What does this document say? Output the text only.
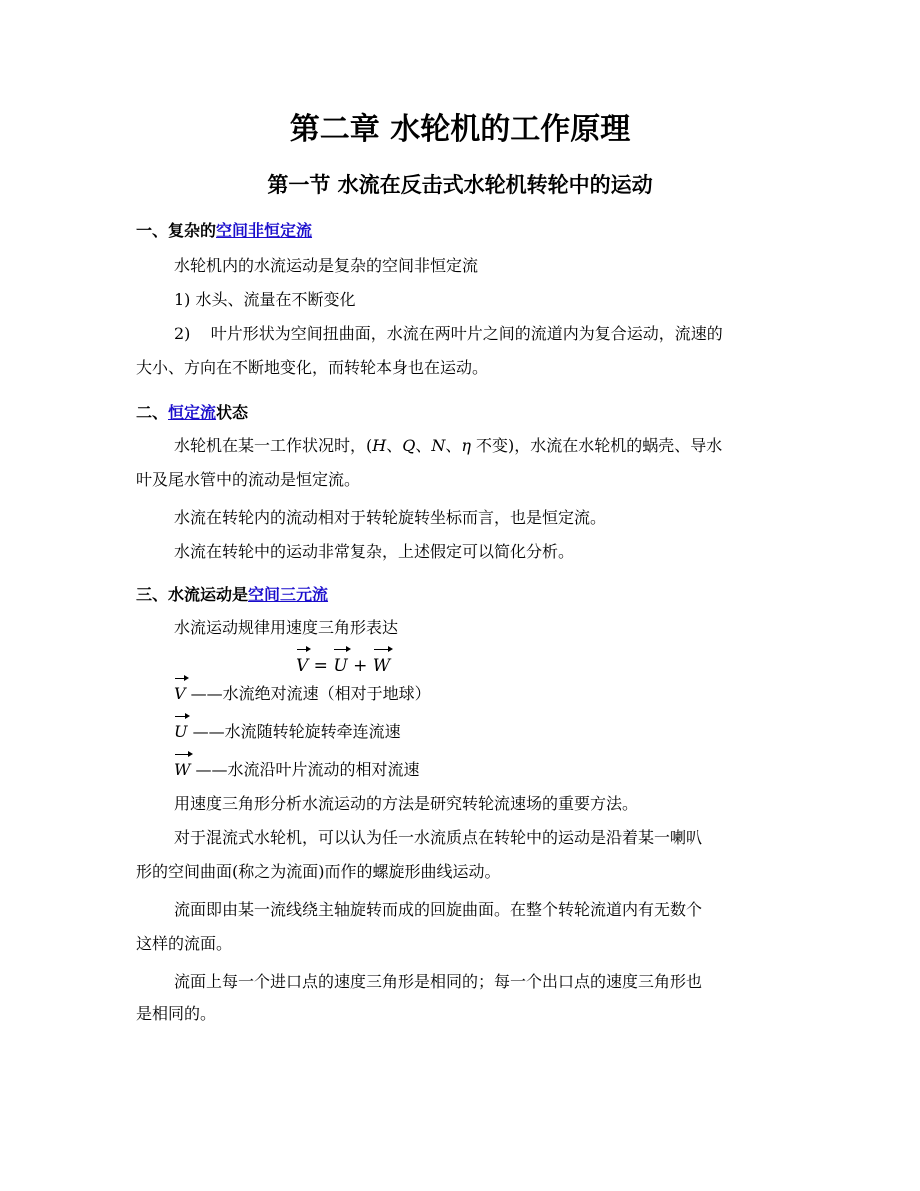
第二章 水轮机的工作原理
第一节 水流在反击式水轮机转轮中的运动
一、复杂的空间非恒定流
水轮机内的水流运动是复杂的空间非恒定流
1) 水头、流量在不断变化
2) 叶片形状为空间扭曲面，水流在两叶片之间的流道内为复合运动，流速的
大小、方向在不断地变化，而转轮本身也在运动。
二、恒定流状态
水轮机在某一工作状况时，(H、Q、N、η 不变)，水流在水轮机的蜗壳、导水
叶及尾水管中的流动是恒定流。
水流在转轮内的流动相对于转轮旋转坐标而言，也是恒定流。
水流在转轮中的运动非常复杂，上述假定可以简化分析。
三、水流运动是空间三元流
水流运动规律用速度三角形表达
V = U + W
V ——水流绝对流速（相对于地球）
U ——水流随转轮旋转牵连流速
W ——水流沿叶片流动的相对流速
用速度三角形分析水流运动的方法是研究转轮流速场的重要方法。
对于混流式水轮机，可以认为任一水流质点在转轮中的运动是沿着某一喇叭
形的空间曲面(称之为流面)而作的螺旋形曲线运动。
流面即由某一流线绕主轴旋转而成的回旋曲面。在整个转轮流道内有无数个
这样的流面。
流面上每一个进口点的速度三角形是相同的；每一个出口点的速度三角形也
是相同的。
